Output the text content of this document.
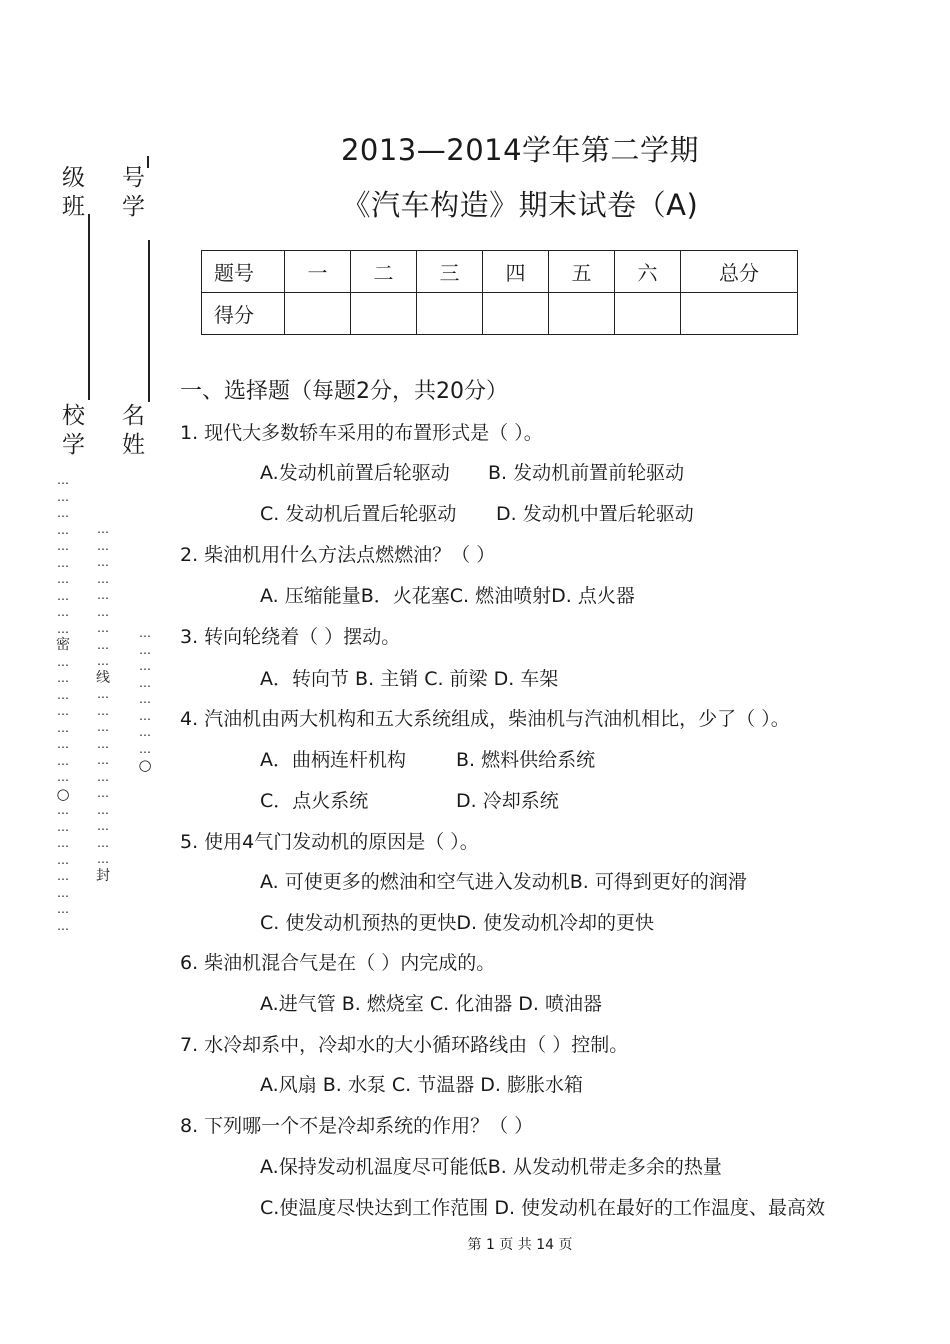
级
班
号
学
校
学
名
姓
…
…
…
…
…
…
…
…
…
…
密
…
…
…
…
…
…
…
…
○
…
…
…
…
…
…
…
…
…
…
…
…
…
…
…
…
…
线
…
…
…
…
…
…
…
…
…
…
…
封
…
…
…
…
…
…
…
…
○
2013—2014学年第二学期
《汽车构造》期末试卷（A)
题号	一	二	三	四	五	六	总分
得分							
一、选择题（每题2分，共20分）
1. 现代大多数轿车采用的布置形式是（ ）。
A.发动机前置后轮驱动 B. 发动机前置前轮驱动
C. 发动机后置后轮驱动 D. 发动机中置后轮驱动
2. 柴油机用什么方法点燃燃油？（ ）
A. 压缩能量B．火花塞C. 燃油喷射D. 点火器
3. 转向轮绕着（ ）摆动。
A．转向节 B. 主销 C. 前梁 D. 车架
4. 汽油机由两大机构和五大系统组成，柴油机与汽油机相比，少了（ ）。
A．曲柄连杆机构	B. 燃料供给系统
C．点火系统	D. 冷却系统
5. 使用4气门发动机的原因是（ ）。
A. 可使更多的燃油和空气进入发动机B. 可得到更好的润滑
C. 使发动机预热的更快D. 使发动机冷却的更快
6. 柴油机混合气是在（ ）内完成的。
A.进气管 B. 燃烧室 C. 化油器 D. 喷油器
7. 水冷却系中，冷却水的大小循环路线由（ ）控制。
A.风扇 B. 水泵 C. 节温器 D. 膨胀水箱
8. 下列哪一个不是冷却系统的作用？（ ）
A.保持发动机温度尽可能低B. 从发动机带走多余的热量
C.使温度尽快达到工作范围 D. 使发动机在最好的工作温度、最高效
第 1 页 共 14 页
